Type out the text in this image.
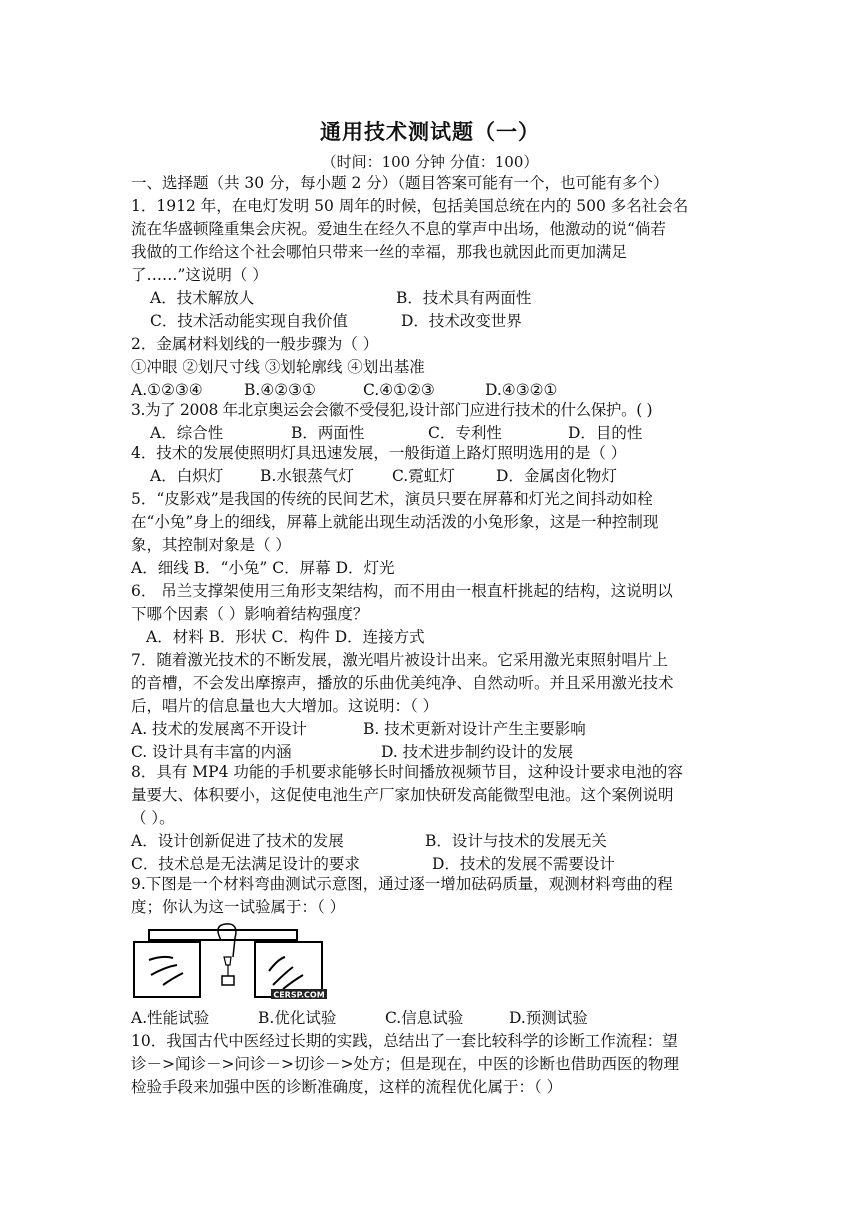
通用技术测试题（一）
（时间：100 分钟 分值：100）
一、选择题（共 30 分，每小题 2 分）（题目答案可能有一个，也可能有多个）
1．1912 年，在电灯发明 50 周年的时候，包括美国总统在内的 500 多名社会名
流在华盛顿隆重集会庆祝。爱迪生在经久不息的掌声中出场，他激动的说“倘若
我做的工作给这个社会哪怕只带来一丝的幸福，那我也就因此而更加满足
了……”这说明（ ）
A．技术解放人	B．技术具有两面性
C．技术活动能实现自我价值	D．技术改变世界
2．金属材料划线的一般步骤为（ ）
①冲眼 ②划尺寸线 ③划轮廓线 ④划出基准
A.①②③④	B.④②③①	C.④①②③	D.④③②①
3.为了 2008 年北京奥运会会徽不受侵犯,设计部门应进行技术的什么保护。( )
A．综合性	B．两面性	C．专利性	D．目的性
4．技术的发展使照明灯具迅速发展，一般街道上路灯照明选用的是（ ）
A．白炽灯 B.水银蒸气灯 C.霓虹灯	D．金属卤化物灯
5．“皮影戏”是我国的传统的民间艺术，演员只要在屏幕和灯光之间抖动如栓
在“小兔”身上的细线，屏幕上就能出现生动活泼的小兔形象，这是一种控制现
象，其控制对象是（ ）
A．细线 B．“小兔” C．屏幕 D．灯光
6． 吊兰支撑架使用三角形支架结构，而不用由一根直杆挑起的结构，这说明以
下哪个因素（ ）影响着结构强度？
A．材料 B．形状 C．构件 D．连接方式
7．随着激光技术的不断发展，激光唱片被设计出来。它采用激光束照射唱片上
的音槽，不会发出摩擦声，播放的乐曲优美纯净、自然动听。并且采用激光技术
后，唱片的信息量也大大增加。这说明：（ ）
A. 技术的发展离不开设计	B. 技术更新对设计产生主要影响
C. 设计具有丰富的内涵	D. 技术进步制约设计的发展
8．具有 MP4 功能的手机要求能够长时间播放视频节目，这种设计要求电池的容
量要大、体积要小，这促使电池生产厂家加快研发高能微型电池。这个案例说明
（ ）。
A．设计创新促进了技术的发展	B．设计与技术的发展无关
C．技术总是无法满足设计的要求	D．技术的发展不需要设计
9.下图是一个材料弯曲测试示意图，通过逐一增加砝码质量，观测材料弯曲的程
度；你认为这一试验属于：（ ）
CERSP.COM
A.性能试验	B.优化试验	C.信息试验	D.预测试验
10．我国古代中医经过长期的实践，总结出了一套比较科学的诊断工作流程：望
诊－>闻诊－>问诊－>切诊－>处方；但是现在，中医的诊断也借助西医的物理
检验手段来加强中医的诊断准确度，这样的流程优化属于：（ ）
